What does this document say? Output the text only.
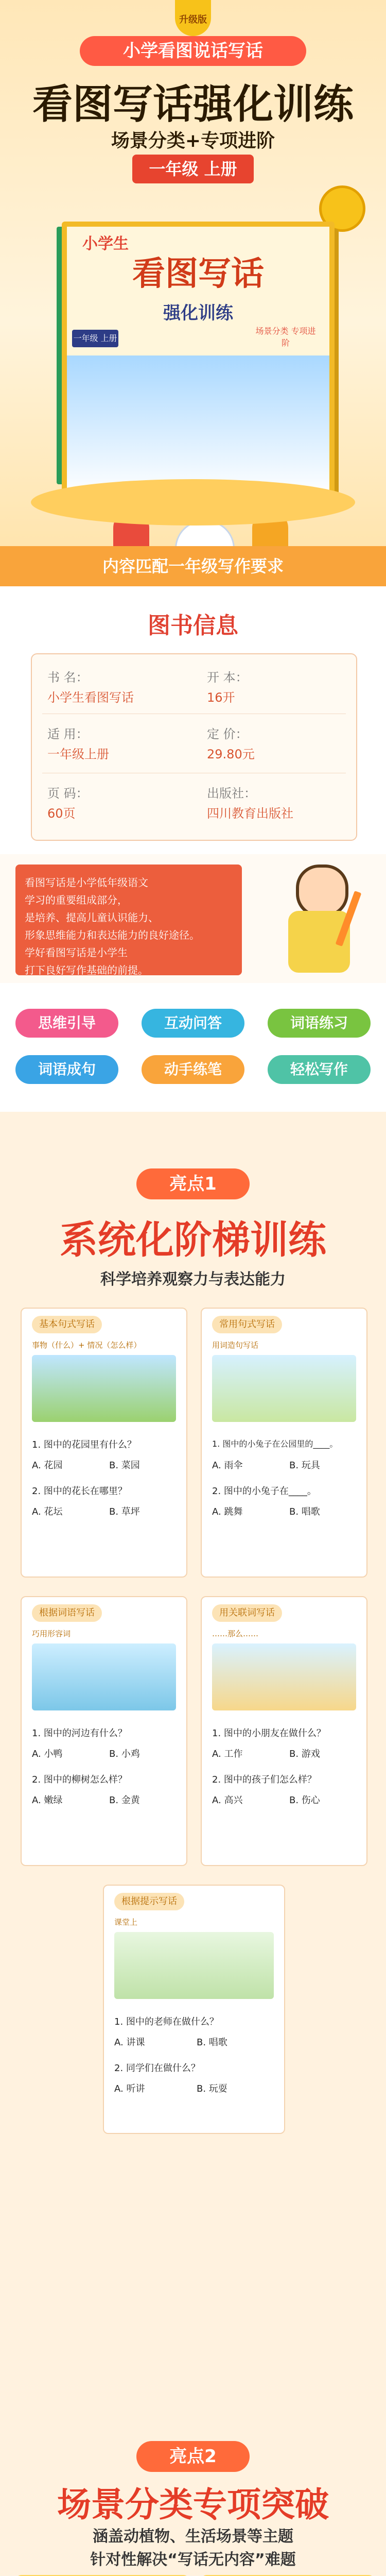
升级版
小学看图说话写话
看图写话强化训练
场景分类+专项进阶
一年级 上册
小学生
看图写话
强化训练
场景分类 专项进阶
一年级 上册
内容匹配一年级写作要求
图书信息
书 名：
小学生看图写话
开 本：
16开
适 用：
一年级上册
定 价：
29.80元
页 码：
60页
出版社：
四川教育出版社
看图写话是小学低年级语文
学习的重要组成部分，
是培养、提高儿童认识能力、
形象思维能力和表达能力的良好途径。
学好看图写话是小学生
打下良好写作基础的前提。
思维引导	互动问答	词语练习
词语成句	动手练笔	轻松写作
亮点1
系统化阶梯训练
科学培养观察力与表达能力
基本句式写话
事物（什么）+ 情况（怎么样）
1. 图中的花园里有什么？
A. 花园	B. 菜园
2. 图中的花长在哪里？
A. 花坛	B. 草坪
常用句式写话
用词造句写话
1. 图中的小兔子在公园里的____。
A. 雨伞	B. 玩具
2. 图中的小兔子在____。
A. 跳舞	B. 唱歌
根据词语写话
巧用形容词
1. 图中的河边有什么？
A. 小鸭	B. 小鸡
2. 图中的柳树怎么样？
A. 嫩绿	B. 金黄
用关联词写话
……那么……
1. 图中的小朋友在做什么？
A. 工作	B. 游戏
2. 图中的孩子们怎么样？
A. 高兴	B. 伤心
根据提示写话
课堂上
1. 图中的老师在做什么？
A. 讲课	B. 唱歌
2. 同学们在做什么？
A. 听讲	B. 玩耍
亮点2
场景分类专项突破
涵盖动植物、生活场景等主题
针对性解决“写话无内容”难题
